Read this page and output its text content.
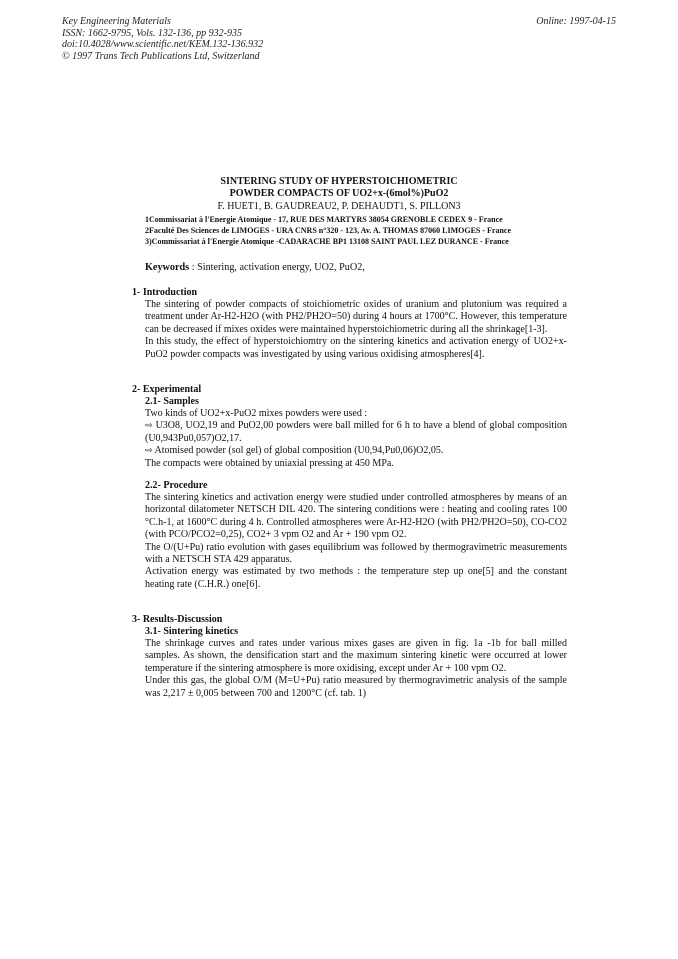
Key Engineering Materials
ISSN: 1662-9795, Vols. 132-136, pp 932-935
doi:10.4028/www.scientific.net/KEM.132-136.932
© 1997 Trans Tech Publications Ltd, Switzerland
Online: 1997-04-15
SINTERING STUDY OF HYPERSTOICHIOMETRIC
POWDER COMPACTS OF UO2+x-(6mol%)PuO2
F. HUET1, B. GAUDREAU2, P. DEHAUDT1, S. PILLON3
1Commissariat à l'Energie Atomique - 17, RUE DES MARTYRS 38054 GRENOBLE CEDEX 9 - France
2Faculté Des Sciences de LIMOGES - URA CNRS n°320 - 123, Av. A. THOMAS 87060 LIMOGES - France
3)Commissariat à l'Energie Atomique -CADARACHE BP1 13108 SAINT PAUL LEZ DURANCE - France
Keywords : Sintering, activation energy, UO2, PuO2,
1- Introduction

The sintering of powder compacts of stoichiometric oxides of uranium and plutonium was required a treatment under Ar-H2-H2O (with PH2/PH2O=50) during 4 hours at 1700°C. However, this temperature can be decreased if mixes oxides were maintained hyperstoichiometric during all the shrinkage[1-3].

In this study, the effect of hyperstoichiomtry on the sintering kinetics and activation energy of UO2+x-PuO2 powder compacts was investigated by using various oxidising atmospheres[4].

2- Experimental
2.1- Samples

Two kinds of UO2+x-PuO2 mixes powders were used :

⇨ U3O8, UO2,19 and PuO2,00 powders were ball milled for 6 h to have a blend of global composition (U0,943Pu0,057)O2,17.

⇨ Atomised powder (sol gel) of global composition (U0,94,Pu0,06)O2,05.

The compacts were obtained by uniaxial pressing at 450 MPa.

2.2- Procedure

The sintering kinetics and activation energy were studied under controlled atmospheres by means of an horizontal dilatometer NETSCH DIL 420. The sintering conditions were : heating and cooling rates 100 °C.h-1, at 1600°C during 4 h. Controlled atmospheres were Ar-H2-H2O (with PH2/PH2O=50), CO-CO2 (with PCO/PCO2=0,25), CO2+ 3 vpm O2 and Ar + 190 vpm O2.

The O/(U+Pu) ratio evolution with gases equilibrium was followed by thermogravimetric measurements with a NETSCH STA 429 apparatus.

Activation energy was estimated by two methods : the temperature step up one[5] and the constant heating rate (C.H.R.) one[6].

3- Results-Discussion
3.1- Sintering kinetics

The shrinkage curves and rates under various mixes gases are given in fig. 1a -1b for ball milled samples. As shown, the densification start and the maximum sintering kinetic were occurred at lower temperature if the sintering atmosphere is more oxidising, except under Ar + 100 vpm O2.

Under this gas, the global O/M (M=U+Pu) ratio measured by thermogravimetric analysis of the sample was 2,217 ± 0,005 between 700 and 1200°C (cf. tab. 1)
